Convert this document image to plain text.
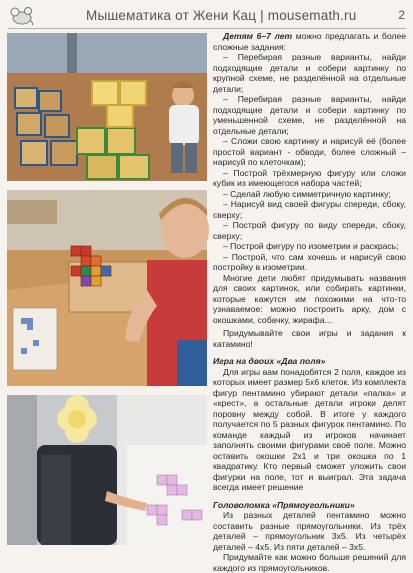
Мышематика от Жени Кац | mousemath.ru	2

Детям 6–7 лет можно предлагать и более сложные задания:

– Перебирая разные варианты, найди подходящие детали и собери картинку по крупной схеме, не разделённой на отдельные детали;

– Перебирая разные варианты, найди подходящие детали и собери картинку по уменьшенной схеме, не разделённой на отдельные детали;

– Сложи свою картинку и нарисуй её (более простой вариант - обводи, более сложный – нарисуй по клеточкам);

– Построй трёхмерную фигуру или сложи кубик из имеющегося набора частей;

– Сделай любую симметричную картинку;

– Нарисуй вид своей фигуры спереди, сбоку, сверху;

– Построй фигуру по виду спереди, сбоку, сверху;

– Построй фигуру по изометрии и раскрась;

– Построй, что сам хочешь и нарисуй свою постройку в изометрии.

Многие дети любят придумывать названия для своих картинок, или собирать картинки, которые кажутся им похожими на что-то узнаваемое: можно построить арку, дом с окошками, собачку, жирафа...

Придумывайте свои игры и задания к катамино!

Игра на двоих «Два поля»

Для игры вам понадобятся 2 поля, каждое из которых имеет размер 5х6 клеток. Из комплекта фигур пентамино убирают детали «палка» и «крест», а остальные детали игроки делят поровну между собой. В итоге у каждого получается по 5 разных фигурок пентамино. По команде каждый из игроков начинает заполнять своими фигурами своё поле. Можно оставить окошки 2х1 и три окошка по 1 квадратику. Кто первый сможет уложить свои фигурки на поле, тот и выиграл. Эта задача всегда имеет решение

Головоломка «Прямоугольники»

Из разных деталей пентамино можно составить разные прямоугольники. Из трёх деталей – прямоугольник 3х5. Из четырёх деталей – 4х5. Из пяти деталей – 3х5.

Придумайте как можно больше решений для каждого из прямоугольников.
